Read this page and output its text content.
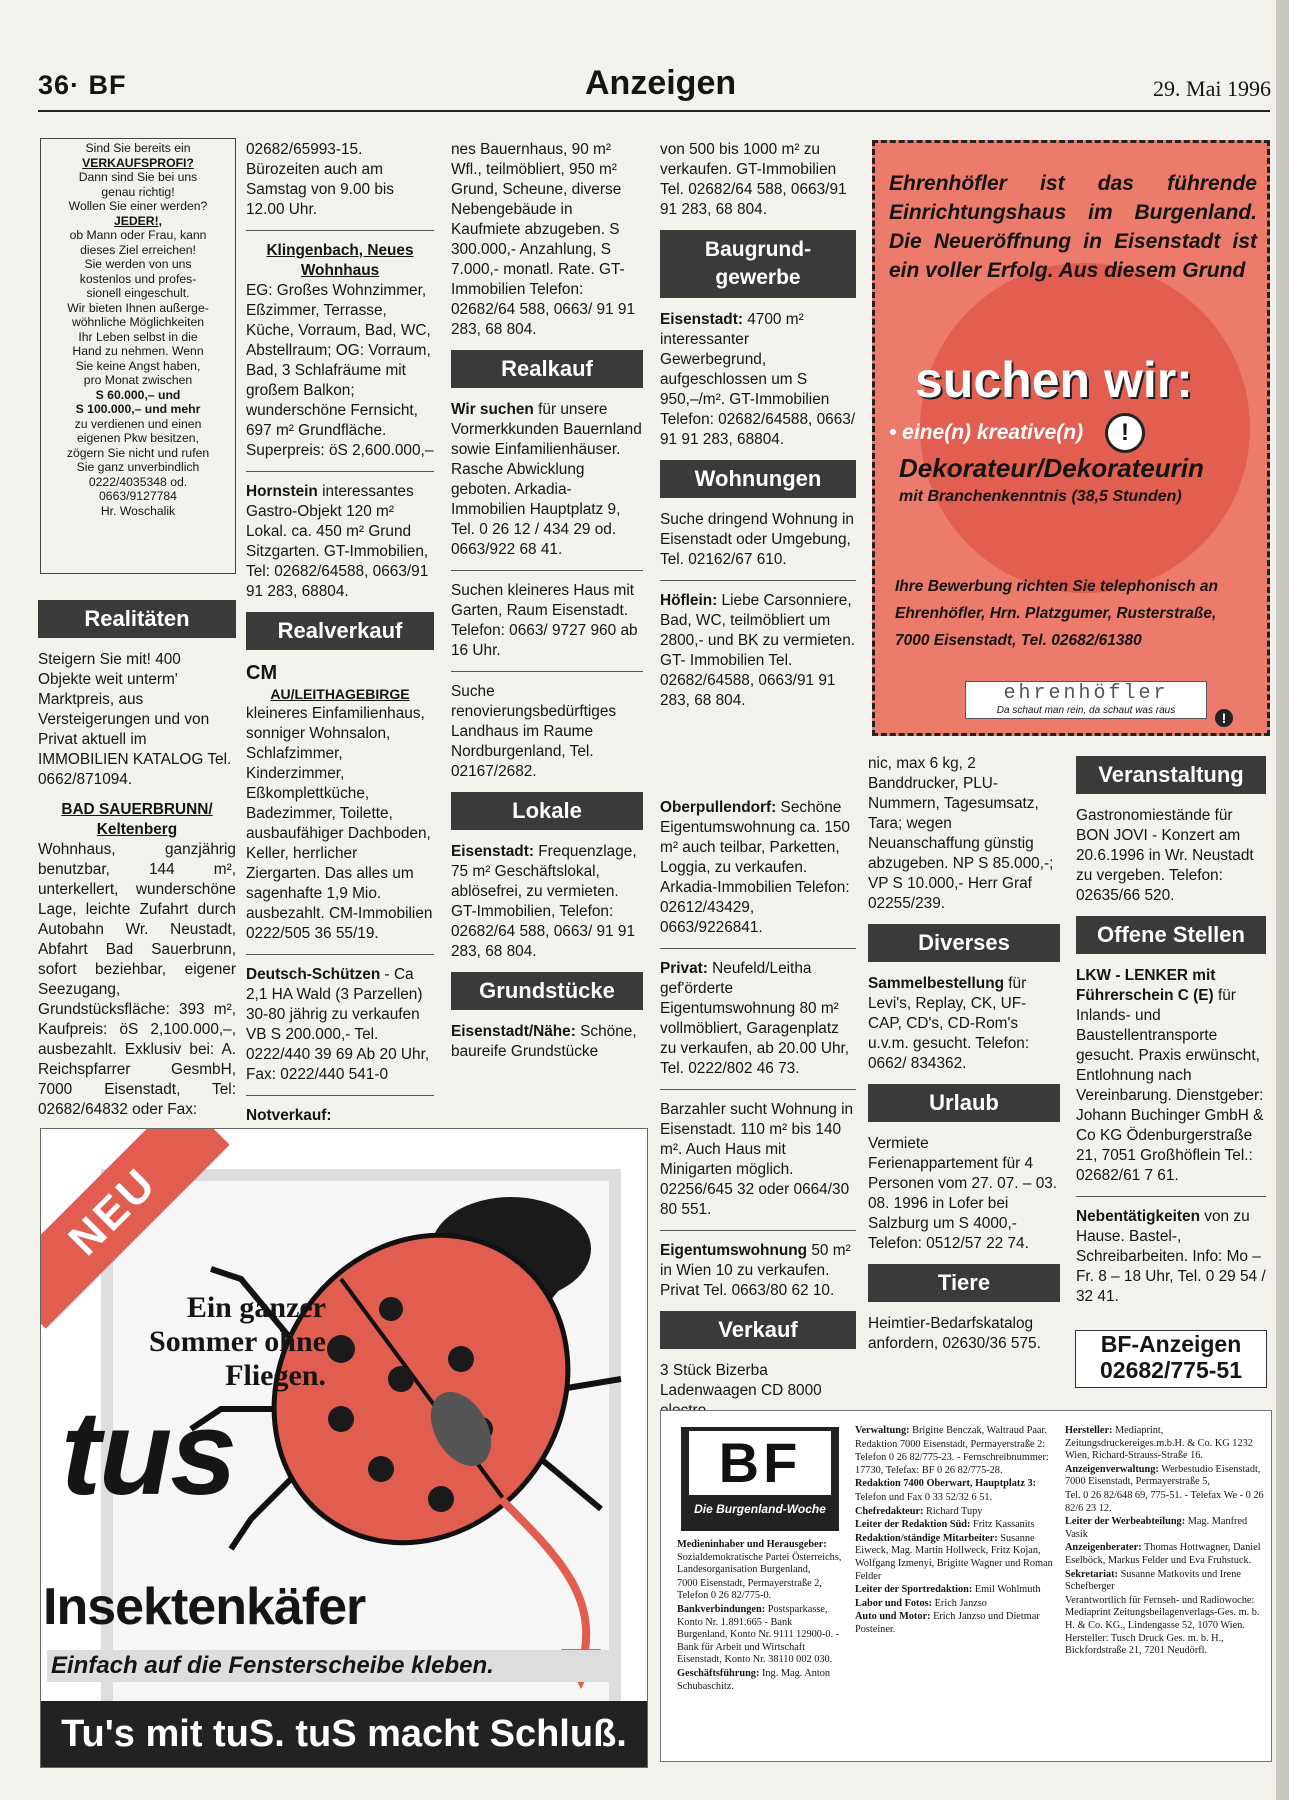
36· BF	Anzeigen	29. Mai 1996
Sind Sie bereits ein
VERKAUFSPROFI?
Dann sind Sie bei uns
genau richtig!
Wollen Sie einer werden?
JEDER!,
ob Mann oder Frau, kann
dieses Ziel erreichen!
Sie werden von uns
kostenlos und profes-
sionell eingeschult.
Wir bieten Ihnen außerge-
wöhnliche Möglichkeiten
Ihr Leben selbst in die
Hand zu nehmen. Wenn
Sie keine Angst haben,
pro Monat zwischen
S 60.000,– und
S 100.000,– und mehr
zu verdienen und einen
eigenen Pkw besitzen,
zögern Sie nicht und rufen
Sie ganz unverbindlich
0222/4035348 od.
0663/9127784
Hr. Woschalik
Realitäten

Steigern Sie mit! 400 Objekte weit unterm' Marktpreis, aus Versteigerungen und von Privat aktuell im IMMOBILIEN KATALOG Tel. 0662/871094.

BAD SAUERBRUNN/ Keltenberg

Wohnhaus, ganzjährig benutzbar, 144 m², unterkellert, wunderschöne Lage, leichte Zufahrt durch Autobahn Wr. Neustadt, Abfahrt Bad Sauerbrunn, sofort beziehbar, eigener Seezugang, Grundstücksfläche: 393 m², Kaufpreis: öS 2,100.000,–, ausbezahlt. Exklusiv bei: A. Reichspfarrer GesmbH, 7000 Eisenstadt, Tel: 02682/64832 oder Fax:

02682/65993-15. Bürozeiten auch am Samstag von 9.00 bis 12.00 Uhr.

Klingenbach, Neues Wohnhaus

EG: Großes Wohnzimmer, Eßzimmer, Terrasse, Küche, Vorraum, Bad, WC, Abstellraum; OG: Vorraum, Bad, 3 Schlafräume mit großem Balkon; wunderschöne Fernsicht, 697 m² Grundfläche. Superpreis: öS 2,600.000,–

Hornstein interessantes Gastro-Objekt 120 m² Lokal. ca. 450 m² Grund Sitzgarten. GT-Immobilien, Tel: 02682/64588, 0663/91 91 283, 68804.

Realverkauf
CM
AU/LEITHAGEBIRGE

kleineres Einfamilienhaus, sonniger Wohnsalon, Schlafzimmer, Kinderzimmer, Eßkomplettküche, Badezimmer, Toilette, ausbaufähiger Dachboden, Keller, herrlicher Ziergarten. Das alles um sagenhafte 1,9 Mio. ausbezahlt. CM-Immobilien 0222/505 36 55/19.

Deutsch-Schützen - Ca 2,1 HA Wald (3 Parzellen) 30-80 jährig zu verkaufen VB S 200.000,- Tel. 0222/440 39 69 Ab 20 Uhr, Fax: 0222/440 541-0

Notverkauf:

nes Bauernhaus, 90 m² Wfl., teilmöbliert, 950 m² Grund, Scheune, diverse Nebengebäude in Kaufmiete abzugeben. S 300.000,- Anzahlung, S 7.000,- monatl. Rate. GT-Immobilien Telefon: 02682/64 588, 0663/ 91 91 283, 68 804.

Realkauf

Wir suchen für unsere Vormerkkunden Bauernland sowie Einfamilienhäuser. Rasche Abwicklung geboten. Arkadia-Immobilien Hauptplatz 9, Tel. 0 26 12 / 434 29 od. 0663/922 68 41.

Suchen kleineres Haus mit Garten, Raum Eisenstadt. Telefon: 0663/ 9727 960 ab 16 Uhr.

Suche renovierungsbedürftiges Landhaus im Raume Nordburgenland, Tel. 02167/2682.

Lokale

Eisenstadt: Frequenzlage, 75 m² Geschäftslokal, ablösefrei, zu vermieten. GT-Immobilien, Telefon: 02682/64 588, 0663/ 91 91 283, 68 804.

Grundstücke

Eisenstadt/Nähe: Schöne, baureife Grundstücke

von 500 bis 1000 m² zu verkaufen. GT-Immobilien Tel. 02682/64 588, 0663/91 91 283, 68 804.

Baugrund-
gewerbe

Eisenstadt: 4700 m² interessanter Gewerbegrund, aufgeschlossen um S 950,–/m². GT-Immobilien Telefon: 02682/64588, 0663/ 91 91 283, 68804.

Wohnungen

Suche dringend Wohnung in Eisenstadt oder Umgebung, Tel. 02162/67 610.

Höflein: Liebe Carsonniere, Bad, WC, teilmöbliert um 2800,- und BK zu vermieten. GT- Immobilien Tel. 02682/64588, 0663/91 91 283, 68 804.

Oberpullendorf: Sechöne Eigentumswohnung ca. 150 m² auch teilbar, Parketten, Loggia, zu verkaufen. Arkadia-Immobilien Telefon: 02612/43429, 0663/9226841.

Privat: Neufeld/Leitha gef'örderte Eigentumswohnung 80 m² vollmöbliert, Garagenplatz zu verkaufen, ab 20.00 Uhr, Tel. 0222/802 46 73.

Barzahler sucht Wohnung in Eisenstadt. 110 m² bis 140 m². Auch Haus mit Minigarten möglich. 02256/645 32 oder 0664/30 80 551.

Eigentumswohnung 50 m² in Wien 10 zu verkaufen. Privat Tel. 0663/80 62 10.

Verkauf

3 Stück Bizerba Ladenwaagen CD 8000

nic, max 6 kg, 2 Banddrucker, PLU-Nummern, Tagesumsatz, Tara; wegen Neuanschaffung günstig abzugeben. NP S 85.000,-; VP S 10.000,- Herr Graf 02255/239.

Diverses

Sammelbestellung für Levi's, Replay, CK, UF-CAP, CD's, CD-Rom's u.v.m. gesucht. Telefon: 0662/ 834362.

Urlaub

Vermiete Ferienappartement für 4 Personen vom 27. 07. – 03. 08. 1996 in Lofer bei Salzburg um S 4000,- Telefon: 0512/57 22 74.

Tiere

Heimtier-Bedarfskatalog anfordern, 02630/36 575.

Veranstaltung

Gastronomiestände für BON JOVI - Konzert am 20.6.1996 in Wr. Neustadt zu vergeben. Telefon: 02635/66 520.

Offene Stellen

LKW - LENKER mit Führerschein C (E) für Inlands- und Baustellentransporte gesucht. Praxis erwünscht, Entlohnung nach Vereinbarung. Dienstgeber: Johann Buchinger GmbH & Co KG Ödenburgerstraße 21, 7051 Großhöflein Tel.: 02682/61 7 61.

Nebentätigkeiten von zu Hause. Bastel-, Schreibarbeiten. Info: Mo – Fr. 8 – 18 Uhr, Tel. 0 29 54 / 32 41.

BF-Anzeigen
02682/775-51
Ehrenhöfler ist das führende Einrichtungshaus im Burgenland. Die Neueröffnung in Eisenstadt ist ein voller Erfolg. Aus diesem Grund
suchen wir:
• eine(n) kreative(n)	!
Dekorateur/Dekorateurin
mit Branchenkenntnis (38,5 Stunden)
Ihre Bewerbung richten Sie telephonisch an Ehrenhöfler, Hrn. Platzgumer, Rusterstraße, 7000 Eisenstadt, Tel. 02682/61380
ehrenhöfler
Da schaut man rein, da schaut was raus	!
NEU
Ein ganzer Sommer ohne Fliegen.
tus
Insektenkäfer
Einfach auf die Fensterscheibe kleben.
Tu's mit tuS. tuS macht Schluß.
BF
Die Burgenland-Woche

Medieninhaber und Herausgeber: Sozialdemokratische Partei Österreichs, Landesorganisation Burgenland,

7000 Eisenstadt, Permayerstraße 2, Telefon 0 26 82/775-0.

Bankverbindungen: Postsparkasse, Konto Nr. 1.891.665 - Bank Burgenland, Konto Nr. 9111 12900-0. - Bank für Arbeit und Wirtschaft Eisenstadt, Konto Nr. 38110 002 030.

Geschäftsführung: Ing. Mag. Anton Schubaschitz.

Verwaltung: Brigitte Benczak, Waltraud Paar.

Redaktion 7000 Eisenstadt, Permayerstraße 2:

Telefon 0 26 82/775-23. - Fernschreibnummer: 17730, Telefax: BF 0 26 82/775-28.

Redaktion 7400 Oberwart, Hauptplatz 3:

Telefon und Fax 0 33 52/32 6 51.

Chefredakteur: Richard Tupy

Leiter der Redaktion Süd: Fritz Kassanits

Redaktion/ständige Mitarbeiter: Susanne Eiweck, Mag. Martin Hollweck, Fritz Kojan, Wolfgang Izmenyi, Brigitte Wagner und Roman Felder

Leiter der Sportredaktion: Emil Wohlmuth

Labor und Fotos: Erich Janzso

Auto und Motor: Erich Janzso und Dietmar Posteiner.

Hersteller: Mediaprint, Zeitungsdruckereiges.m.b.H. & Co. KG 1232 Wien, Richard-Strauss-Straße 16.

Anzeigenverwaltung: Werbestudio Eisenstadt, 7000 Eisenstadt, Permayerstraße 5,

Tel. 0 26 82/648 69, 775-51. - Telefax We - 0 26 82/6 23 12.

Leiter der Werbeabteilung: Mag. Manfred Vasik

Anzeigenberater: Thomas Hottwagner, Daniel Eselböck, Markus Felder und Eva Fruhstuck.

Sekretariat: Susanne Matkovits und Irene Schefberger

Verantwortlich für Fernseh- und Radiowoche: Mediaprint Zeitungsbeilagenverlags-Ges. m. b. H. & Co. KG., Lindengasse 52, 1070 Wien. Hersteller: Tusch Druck Ges. m. b. H., Bickfordstraße 21, 7201 Neudörfl.
